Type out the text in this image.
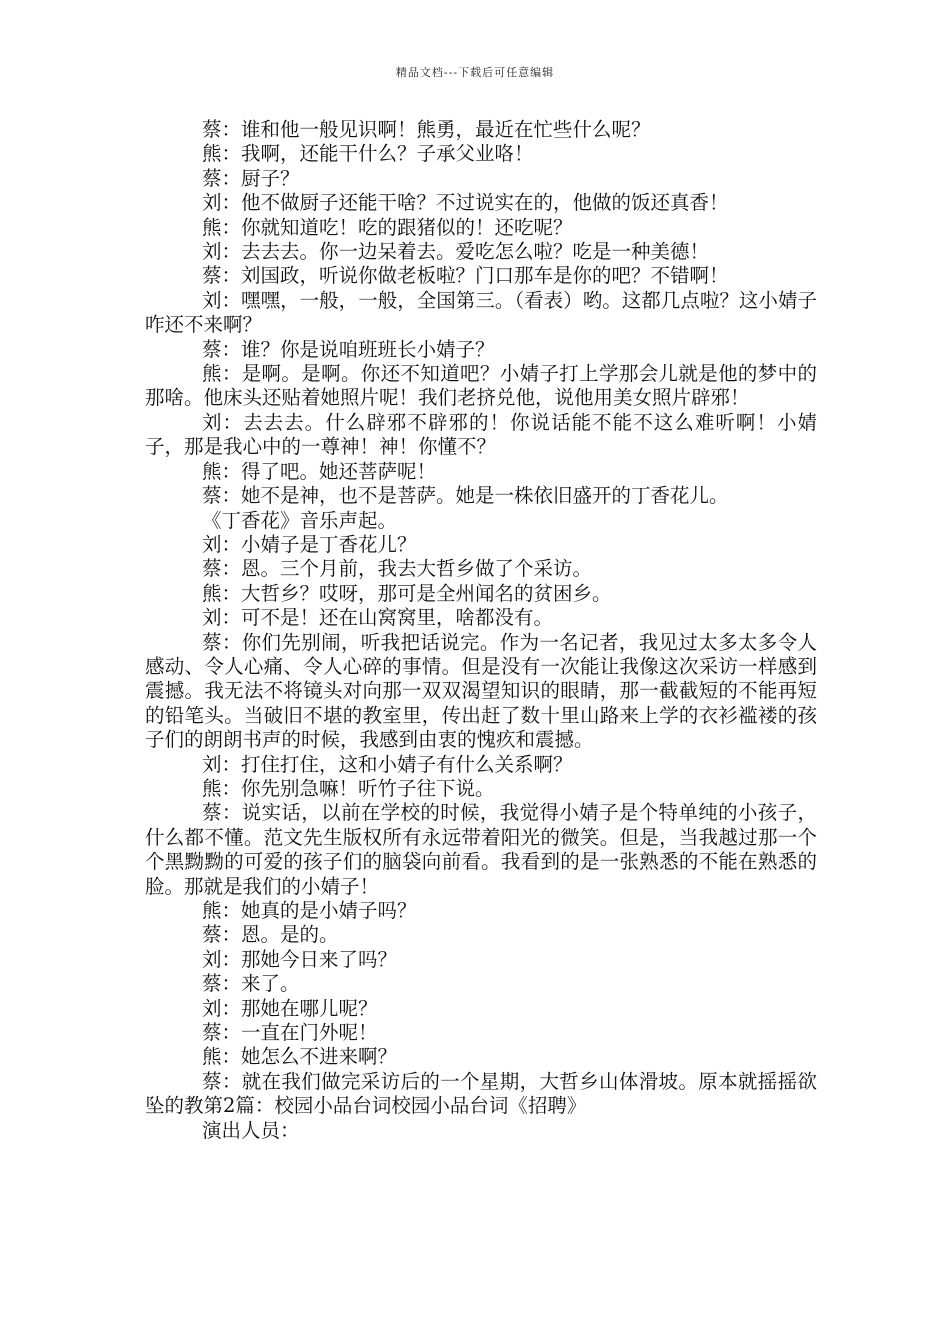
精品文档---下载后可任意编辑

蔡：谁和他一般见识啊！熊勇，最近在忙些什么呢？

熊：我啊，还能干什么？子承父业咯！

蔡：厨子？

刘：他不做厨子还能干啥？不过说实在的，他做的饭还真香！

熊：你就知道吃！吃的跟猪似的！还吃呢？

刘：去去去。你一边呆着去。爱吃怎么啦？吃是一种美德！

蔡：刘国政，听说你做老板啦？门口那车是你的吧？不错啊！

刘：嘿嘿，一般，一般，全国第三。（看表）哟。这都几点啦？这小婧子咋还不来啊？

蔡：谁？你是说咱班班长小婧子？

熊：是啊。是啊。你还不知道吧？小婧子打上学那会儿就是他的梦中的那啥。他床头还贴着她照片呢！我们老挤兑他，说他用美女照片辟邪！

刘：去去去。什么辟邪不辟邪的！你说话能不能不这么难听啊！小婧子，那是我心中的一尊神！神！你懂不？

熊：得了吧。她还菩萨呢！

蔡：她不是神，也不是菩萨。她是一株依旧盛开的丁香花儿。

《丁香花》音乐声起。

刘：小婧子是丁香花儿？

蔡：恩。三个月前，我去大哲乡做了个采访。

熊：大哲乡？哎呀，那可是全州闻名的贫困乡。

刘：可不是！还在山窝窝里，啥都没有。

蔡：你们先别闹，听我把话说完。作为一名记者，我见过太多太多令人感动、令人心痛、令人心碎的事情。但是没有一次能让我像这次采访一样感到震撼。我无法不将镜头对向那一双双渴望知识的眼睛，那一截截短的不能再短的铅笔头。当破旧不堪的教室里，传出赶了数十里山路来上学的衣衫褴褛的孩子们的朗朗书声的时候，我感到由衷的愧疚和震撼。

刘：打住打住，这和小婧子有什么关系啊？

熊：你先别急嘛！听竹子往下说。

蔡：说实话，以前在学校的时候，我觉得小婧子是个特单纯的小孩子，什么都不懂。范文先生版权所有永远带着阳光的微笑。但是，当我越过那一个个黑黝黝的可爱的孩子们的脑袋向前看。我看到的是一张熟悉的不能在熟悉的脸。那就是我们的小婧子！

熊：她真的是小婧子吗？

蔡：恩。是的。

刘：那她今日来了吗？

蔡：来了。

刘：那她在哪儿呢？

蔡：一直在门外呢！

熊：她怎么不进来啊？

蔡：就在我们做完采访后的一个星期，大哲乡山体滑坡。原本就摇摇欲坠的教第2篇：校园小品台词校园小品台词《招聘》

演出人员：
